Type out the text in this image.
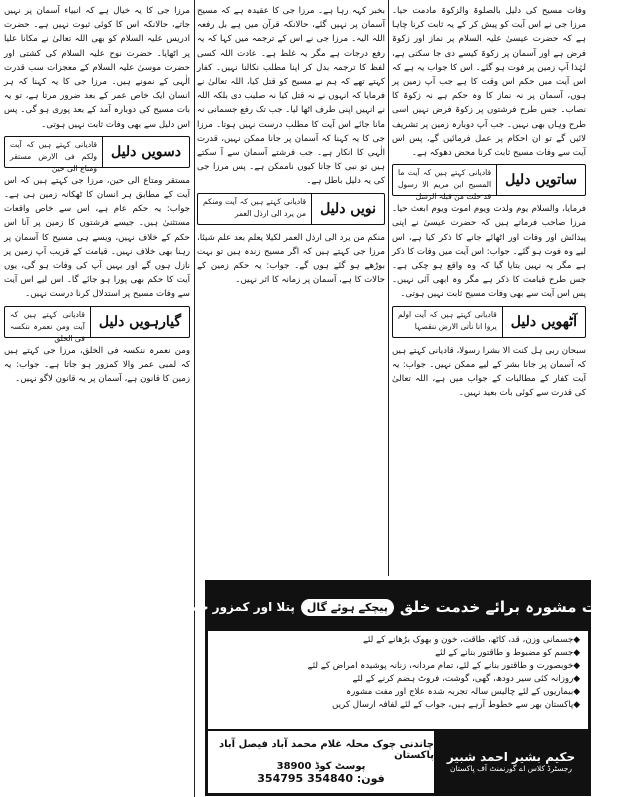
وفات مسیح کی دلیل بالصلوۃ والزکوۃ مادمت حیا۔ مرزا جی نے اس آیت کو پیش کر کے یہ ثابت کرنا چاہا ہے کہ حضرت عیسیٰ علیہ السلام پر نماز اور زکوۃ فرض ہے اور آسمان پر زکوۃ کیسے دی جا سکتی ہے، لہٰذا آپ زمین پر فوت ہو گئے۔ اس کا جواب یہ ہے کہ اس آیت میں حکم اس وقت کا ہے جب آپ زمین پر ہوں، آسمان پر نہ نماز کا وہ حکم ہے نہ زکوۃ کا نصاب۔ جس طرح فرشتوں پر زکوۃ فرض نہیں اسی طرح وہاں بھی نہیں۔ جب آپ دوبارہ زمین پر تشریف لائیں گے تو ان احکام پر عمل فرمائیں گے، پس اس آیت سے وفات مسیح ثابت کرنا محض دھوکہ ہے۔

ساتویں دلیل
قادیانی کہتے ہیں کہ آیت ما المسیح ابن مریم الا رسول قد خلت من قبلہ الرسل

فرمایا، والسلام یوم ولدت ویوم اموت ویوم ابعث حیا۔ مرزا صاحب فرماتے ہیں کہ حضرت عیسیٰ نے اپنی پیدائش اور وفات اور اٹھائے جانے کا ذکر کیا ہے، اس لیے وہ فوت ہو گئے۔ جواب: اس آیت میں وفات کا ذکر ہے مگر یہ نہیں بتایا گیا کہ وہ واقع ہو چکی ہے۔ جس طرح قیامت کا ذکر ہے مگر وہ ابھی آئی نہیں۔ پس اس آیت سے بھی وفات مسیح ثابت نہیں ہوتی۔

آٹھویں دلیل
قادیانی کہتے ہیں کہ آیت اولم یروا انا نأتی الارض ننقصہا

سبحان ربی ہل کنت الا بشرا رسولا، قادیانی کہتے ہیں کہ آسمان پر جانا بشر کے لیے ممکن نہیں۔ جواب: یہ آیت کفار کے مطالبات کے جواب میں ہے، اللہ تعالیٰ کی قدرت سے کوئی بات بعید نہیں۔

بخبر کہہ رہا ہے۔ مرزا جی کا عقیدہ ہے کہ مسیح آسمان پر نہیں گئے، حالانکہ قرآن میں ہے بل رفعہ اللہ الیہ۔ مرزا جی نے اس کے ترجمہ میں کہا کہ یہ رفع درجات ہے مگر یہ غلط ہے۔ عادت اللہ کسی لفظ کا ترجمہ بدل کر اپنا مطلب نکالنا نہیں۔ کفار کہتے تھے کہ ہم نے مسیح کو قتل کیا، اللہ تعالیٰ نے فرمایا کہ انہوں نے نہ قتل کیا نہ صلیب دی بلکہ اللہ نے انہیں اپنی طرف اٹھا لیا۔ جب تک رفع جسمانی نہ مانا جائے اس آیت کا مطلب درست نہیں ہوتا۔ مرزا جی کا یہ کہنا کہ آسمان پر جانا ممکن نہیں، قدرت الٰہی کا انکار ہے۔ جب فرشتے آسمان سے آ سکتے ہیں تو نبی کا جانا کیوں ناممکن ہے۔ پس مرزا جی کی یہ دلیل باطل ہے۔

نویں دلیل
قادیانی کہتے ہیں کہ آیت ومنکم من یرد الی ارذل العمر

منکم من یرد الی ارذل العمر لکیلا یعلم بعد علم شیئا، مرزا جی کہتے ہیں کہ اگر مسیح زندہ ہیں تو بہت بوڑھے ہو گئے ہوں گے۔ جواب: یہ حکم زمین کے حالات کا ہے، آسمان پر زمانہ کا اثر نہیں۔

مرزا جی کا یہ خیال ہے کہ انبیاء آسمان پر نہیں جاتے، حالانکہ اس کا کوئی ثبوت نہیں ہے۔ حضرت ادریس علیہ السلام کو بھی اللہ تعالیٰ نے مکانا علیا پر اٹھایا۔ حضرت نوح علیہ السلام کی کشتی اور حضرت موسیٰ علیہ السلام کے معجزات سب قدرت الٰہی کے نمونے ہیں۔ مرزا جی کا یہ کہنا کہ ہر انسان ایک خاص عمر کے بعد ضرور مرتا ہے، تو یہ بات مسیح کی دوبارہ آمد کے بعد پوری ہو گی۔ پس اس دلیل سے بھی وفات ثابت نہیں ہوتی۔

دسویں دلیل
قادیانی کہتے ہیں کہ آیت ولکم فی الارض مستقر ومتاع الی حین

مستقر ومتاع الی حین، مرزا جی کہتے ہیں کہ اس آیت کے مطابق ہر انسان کا ٹھکانہ زمین ہی ہے۔ جواب: یہ حکم عام ہے، اس سے خاص واقعات مستثنیٰ ہیں۔ جیسے فرشتوں کا زمین پر آنا اس حکم کے خلاف نہیں، ویسے ہی مسیح کا آسمان پر رہنا بھی خلاف نہیں۔ قیامت کے قریب آپ زمین پر نازل ہوں گے اور یہیں آپ کی وفات ہو گی، یوں آیت کا حکم بھی پورا ہو جائے گا۔ اس لیے اس آیت سے وفات مسیح پر استدلال کرنا درست نہیں۔

گیارہویں دلیل
قادیانی کہتے ہیں کہ آیت ومن نعمرہ ننکسہ فی الخلق

ومن نعمرہ ننکسہ فی الخلق، مرزا جی کہتے ہیں کہ لمبی عمر والا کمزور ہو جاتا ہے۔ جواب: یہ زمین کا قانون ہے، آسمان پر یہ قانون لاگو نہیں۔

مفت مشورہ برائے خدمت خلق
پیچکے ہوئے گال
پتلا اور کمزور جسم
◆ جسمانی وزن، قد، کاٹھ، طاقت، خون و بھوک بڑھانے کے لئے
◆ جسم کو مضبوط و طاقتور بنانے کے لئے
◆ خوبصورت و طاقتور بنانے کے لئے، تمام مردانہ، زنانہ پوشیدہ امراض کے لئے
◆ روزانہ کئی سیر دودھ، گھی، گوشت، فروٹ ہضم کرنے کے لئے
◆ بیماریوں کے لئے چالیس سالہ تجربہ شدہ علاج اور مفت مشورہ
◆ پاکستان بھر سے خطوط آرہے ہیں، جواب کے لئے لفافہ ارسال کریں
حکیم بشیر احمد شبیر
رجسٹرڈ کلاس اے گورنمنٹ آف پاکستان
چاندنی چوک محلہ غلام محمد آباد فیصل آباد پاکستان
پوسٹ کوڈ 38900
فون: 354840 354795
